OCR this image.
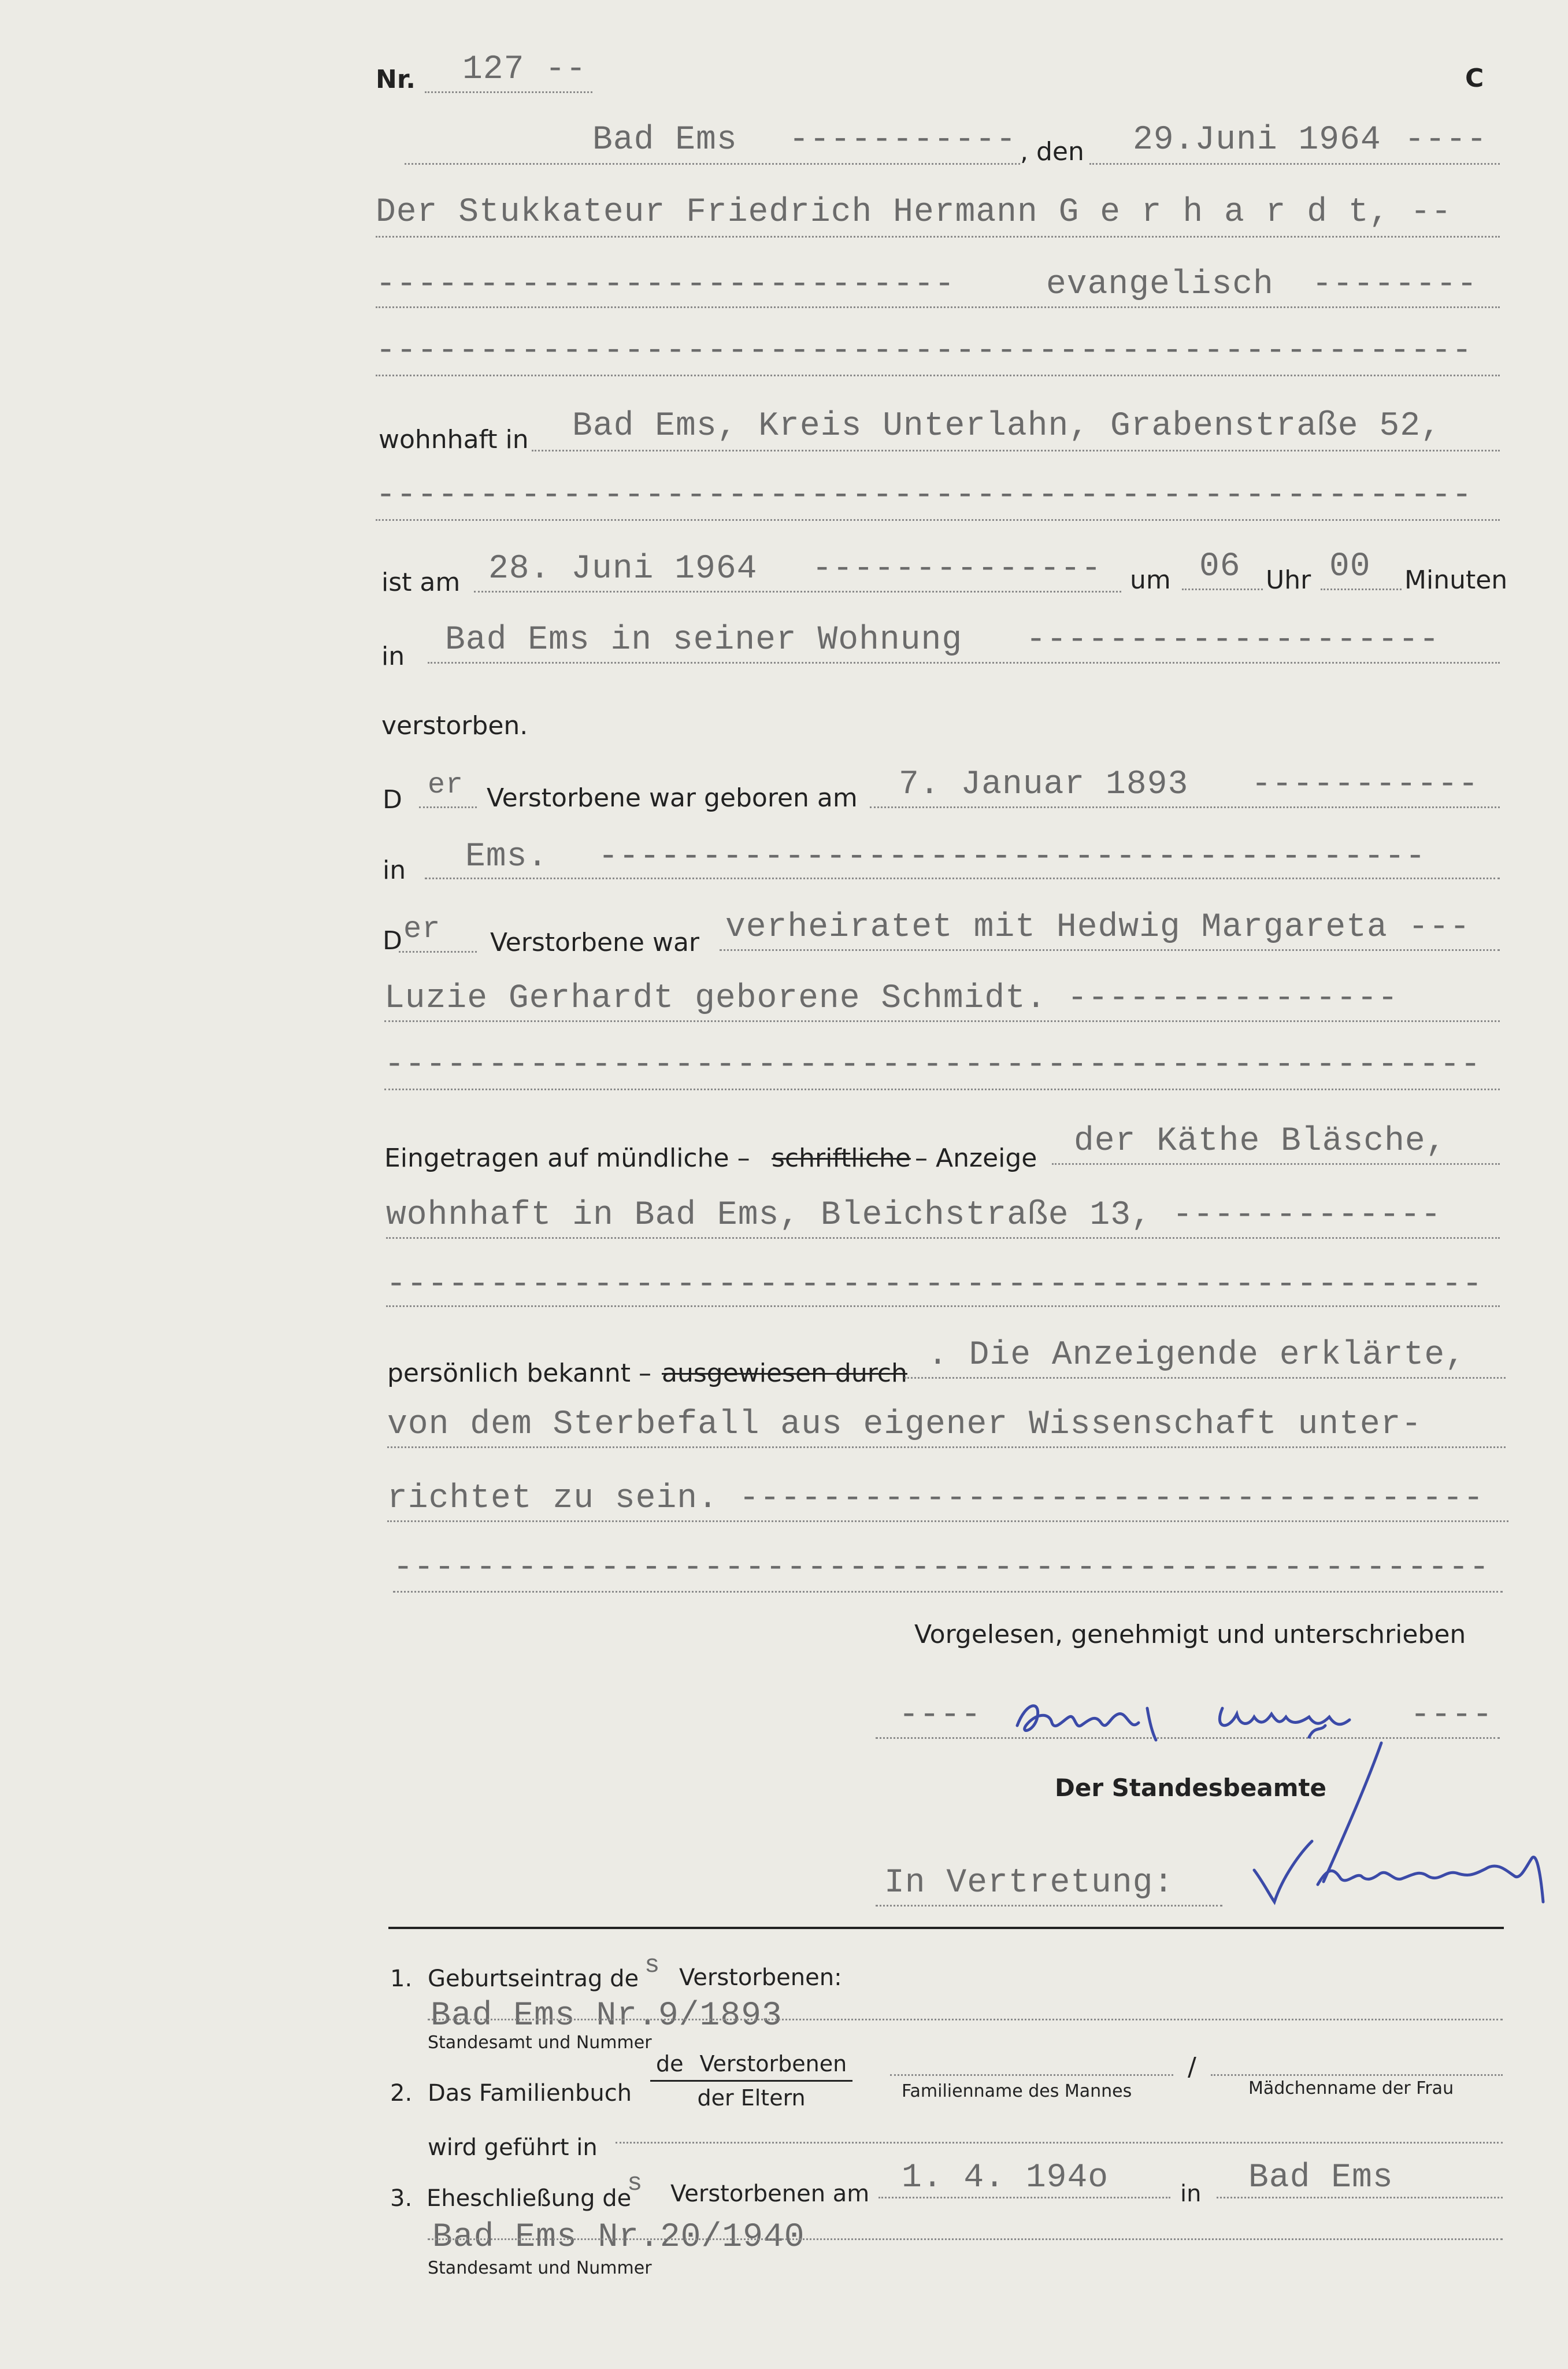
Nr. 127 --	C
Bad Ems ----------- , den 29.Juni 1964 ----
Der Stukkateur Friedrich Hermann G e r h a r d t, --
----------------------------	evangelisch --------
-----------------------------------------------------
wohnhaft in Bad Ems, Kreis Unterlahn, Grabenstraße 52,
-----------------------------------------------------
ist am 28. Juni 1964 -------------- um 06 Uhr 00 Minuten
in Bad Ems in seiner Wohnung --------------------
verstorben.
D er Verstorbene war geboren am 7. Januar 1893 -----------
in Ems. ----------------------------------------
D er Verstorbene war verheiratet mit Hedwig Margareta ---
Luzie Gerhardt geborene Schmidt. ----------------
-----------------------------------------------------
Eingetragen auf mündliche – schriftliche – Anzeige der Käthe Bläsche,
wohnhaft in Bad Ems, Bleichstraße 13, -------------
-----------------------------------------------------
persönlich bekannt – ausgewiesen durch . Die Anzeigende erklärte,
von dem Sterbefall aus eigener Wissenschaft unter-
richtet zu sein. ------------------------------------
-----------------------------------------------------
Vorgelesen, genehmigt und unterschrieben
----	----
Der Standesbeamte
In Vertretung:
1. Geburtseintrag de s Verstorbenen:
Bad Ems Nr.9/1893
Standesamt und Nummer
2. Das Familienbuch
de Verstorbenen
der Eltern	Familienname des Mannes
/
Mädchenname der Frau
wird geführt in
3. Eheschließung de
s Verstorbenen am 1. 4. 194o	in Bad Ems
Bad Ems Nr.20/1940
Standesamt und Nummer
